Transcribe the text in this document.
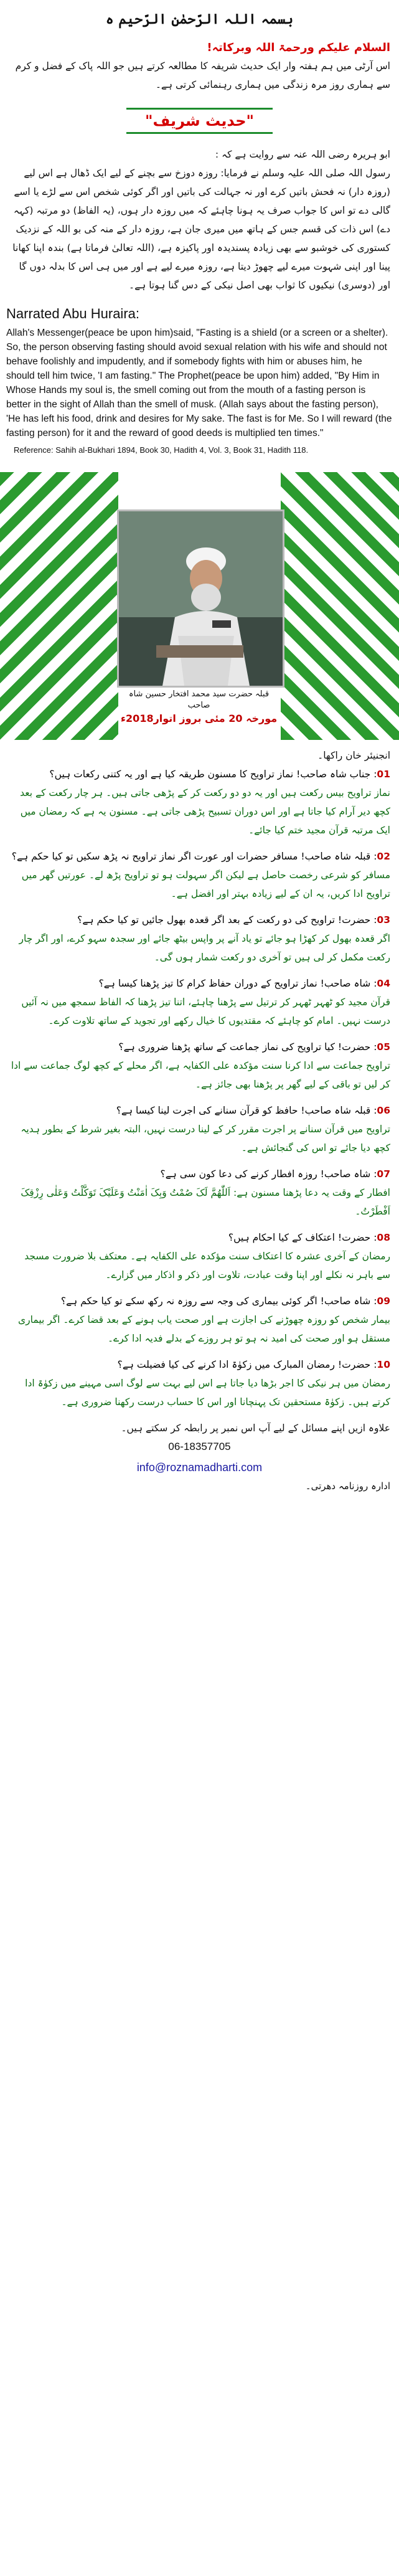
بسمہ اللہ الرّحمٰن الرّحیم ہ
السلام علیکم ورحمۃ اللہ وبرکاتہ!
اس آرٹی میں ہم ہفتہ وار ایک حدیث شریفہ کا مطالعہ کرتے ہیں جو اللہ پاک کے فضل و کرم سے ہماری روز مرہ زندگی میں ہماری رہنمائی کرتی ہے۔
"حدیث شریف"
ابو ہریرہ رضی اللہ عنہ سے روایت ہے کہ :
رسول اللہ صلی اللہ علیہ وسلم نے فرمایا: روزہ دوزخ سے بچنے کے لیے ایک ڈھال ہے اس لیے (روزہ دار) نہ فحش باتیں کرے اور نہ جہالت کی باتیں اور اگر کوئی شخص اس سے لڑے یا اسے گالی دے تو اس کا جواب صرف یہ ہونا چاہئے کہ میں روزہ دار ہوں، (یہ الفاظ) دو مرتبہ (کہہ دے) اس ذات کی قسم جس کے ہاتھ میں میری جان ہے، روزہ دار کے منہ کی بو اللہ کے نزدیک کستوری کی خوشبو سے بھی زیادہ پسندیدہ اور پاکیزہ ہے، (اللہ تعالیٰ فرماتا ہے) بندہ اپنا کھانا پینا اور اپنی شہوت میرے لیے چھوڑ دیتا ہے، روزہ میرے لیے ہے اور میں ہی اس کا بدلہ دوں گا اور (دوسری) نیکیوں کا ثواب بھی اصل نیکی کے دس گنا ہوتا ہے۔
Narrated Abu Huraira:
Allah's Messenger(peace be upon him)said, "Fasting is a shield (or a screen or a shelter). So, the person observing fasting should avoid sexual relation with his wife and should not behave foolishly and impudently, and if somebody fights with him or abuses him, he should tell him twice, 'I am fasting." The Prophet(peace be upon him) added, "By Him in Whose Hands my soul is, the smell coming out from the mouth of a fasting person is better in the sight of Allah than the smell of musk. (Allah says about the fasting person), 'He has left his food, drink and desires for My sake. The fast is for Me. So I will reward (the fasting person) for it and the reward of good deeds is multiplied ten times."
Reference: Sahih al-Bukhari 1894, Book 30, Hadith 4, Vol. 3, Book 31, Hadith 118.
قبلہ حضرت سید محمد افتخار حسین شاہ صاحب
مورخہ 20 مئی بروز اتوار2018ء
انجنیئر خان راکھا۔
01: جناب شاہ صاحب! نماز تراویح کا مسنون طریقہ کیا ہے اور یہ کتنی رکعات ہیں؟
نماز تراویح بیس رکعت ہیں اور یہ دو دو رکعت کر کے پڑھی جاتی ہیں۔ ہر چار رکعت کے بعد کچھ دیر آرام کیا جاتا ہے اور اس دوران تسبیح پڑھی جاتی ہے۔ مسنون یہ ہے کہ رمضان میں ایک مرتبہ قرآن مجید ختم کیا جائے۔
02: قبلہ شاہ صاحب! مسافر حضرات اور عورت اگر نماز تراویح نہ پڑھ سکیں تو کیا حکم ہے؟
مسافر کو شرعی رخصت حاصل ہے لیکن اگر سہولت ہو تو تراویح پڑھ لے۔ عورتیں گھر میں تراویح ادا کریں، یہ ان کے لیے زیادہ بہتر اور افضل ہے۔
03: حضرت! تراویح کی دو رکعت کے بعد اگر قعدہ بھول جائیں تو کیا حکم ہے؟
اگر قعدہ بھول کر کھڑا ہو جائے تو یاد آنے پر واپس بیٹھ جائے اور سجدہ سہو کرے، اور اگر چار رکعت مکمل کر لی ہیں تو آخری دو رکعت شمار ہوں گی۔
04: شاہ صاحب! نماز تراویح کے دوران حفاظ کرام کا تیز پڑھنا کیسا ہے؟
قرآن مجید کو ٹھہر ٹھہر کر ترتیل سے پڑھنا چاہئے، اتنا تیز پڑھنا کہ الفاظ سمجھ میں نہ آئیں درست نہیں۔ امام کو چاہئے کہ مقتدیوں کا خیال رکھے اور تجوید کے ساتھ تلاوت کرے۔
05: حضرت! کیا تراویح کی نماز جماعت کے ساتھ پڑھنا ضروری ہے؟
تراویح جماعت سے ادا کرنا سنت مؤکدہ علی الکفایہ ہے، اگر محلے کے کچھ لوگ جماعت سے ادا کر لیں تو باقی کے لیے گھر پر پڑھنا بھی جائز ہے۔
06: قبلہ شاہ صاحب! حافظ کو قرآن سنانے کی اجرت لینا کیسا ہے؟
تراویح میں قرآن سنانے پر اجرت مقرر کر کے لینا درست نہیں، البتہ بغیر شرط کے بطور ہدیہ کچھ دیا جائے تو اس کی گنجائش ہے۔
07: شاہ صاحب! روزہ افطار کرنے کی دعا کون سی ہے؟
افطار کے وقت یہ دعا پڑھنا مسنون ہے: اَللّٰھُمَّ لَکَ صُمْتُ وَبِکَ اٰمَنْتُ وَعَلَیْکَ تَوَکَّلْتُ وَعَلٰی رِزْقِکَ اَفْطَرْتُ۔
08: حضرت! اعتکاف کے کیا احکام ہیں؟
رمضان کے آخری عشرہ کا اعتکاف سنت مؤکدہ علی الکفایہ ہے۔ معتکف بلا ضرورت مسجد سے باہر نہ نکلے اور اپنا وقت عبادت، تلاوت اور ذکر و اذکار میں گزارے۔
09: شاہ صاحب! اگر کوئی بیماری کی وجہ سے روزہ نہ رکھ سکے تو کیا حکم ہے؟
بیمار شخص کو روزہ چھوڑنے کی اجازت ہے اور صحت یاب ہونے کے بعد قضا کرے۔ اگر بیماری مستقل ہو اور صحت کی امید نہ ہو تو ہر روزے کے بدلے فدیہ ادا کرے۔
10: حضرت! رمضان المبارک میں زکوٰۃ ادا کرنے کی کیا فضیلت ہے؟
رمضان میں ہر نیکی کا اجر بڑھا دیا جاتا ہے اس لیے بہت سے لوگ اسی مہینے میں زکوٰۃ ادا کرتے ہیں۔ زکوٰۃ مستحقین تک پہنچانا اور اس کا حساب درست رکھنا ضروری ہے۔
علاوہ ازیں اپنے مسائل کے لیے آپ اس نمبر پر رابطہ کر سکتے ہیں۔
06-18357705
info@roznamadharti.com
ادارہ روزنامہ دھرتی۔
